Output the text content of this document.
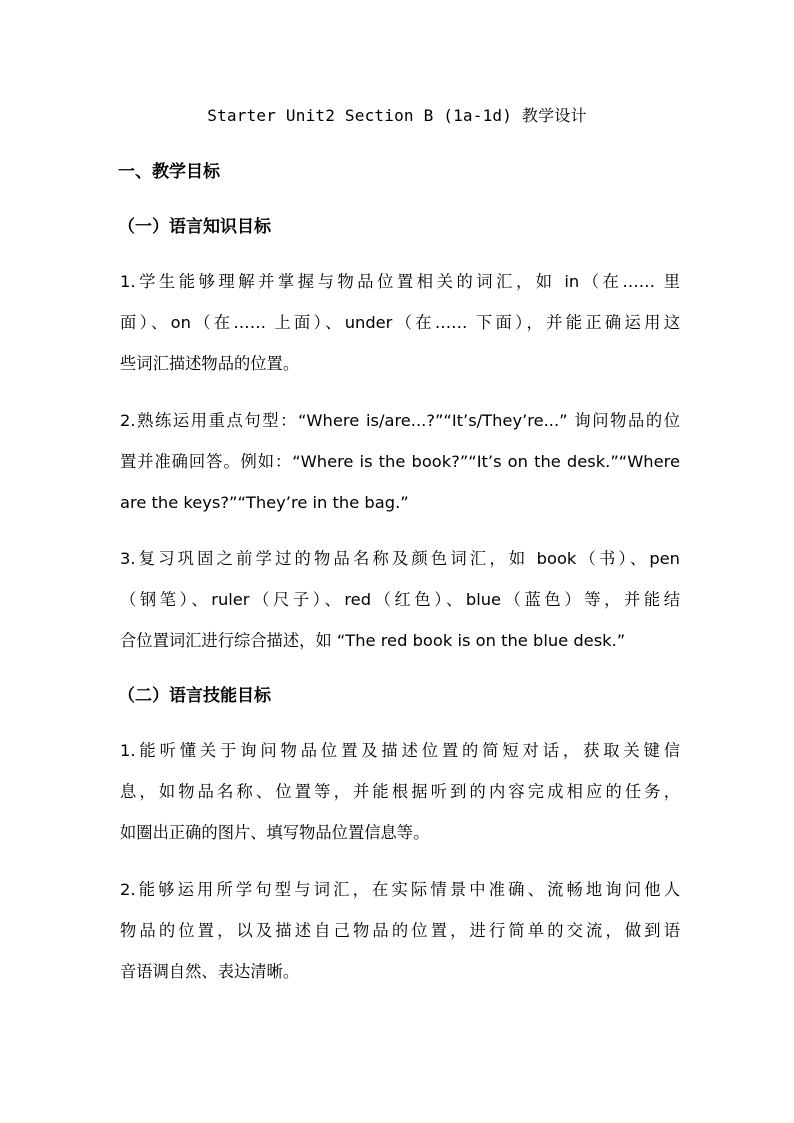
Starter Unit2 Section B (1a-1d) 教学设计
一、教学目标
（一）语言知识目标
1.学生能够理解并掌握与物品位置相关的词汇，如 in（在…… 里
面）、on（在…… 上面）、under（在…… 下面），并能正确运用这
些词汇描述物品的位置。
2.熟练运用重点句型：“Where is/are...?”“It’s/They’re...” 询问物品的位
置并准确回答。例如：“Where is the book?”“It’s on the desk.”“Where
are the keys?”“They’re in the bag.”
3.复习巩固之前学过的物品名称及颜色词汇，如 book（书）、pen
（钢笔）、ruler（尺子）、red（红色）、blue（蓝色）等，并能结
合位置词汇进行综合描述，如 “The red book is on the blue desk.”
（二）语言技能目标
1.能听懂关于询问物品位置及描述位置的简短对话，获取关键信
息，如物品名称、位置等，并能根据听到的内容完成相应的任务，
如圈出正确的图片、填写物品位置信息等。
2.能够运用所学句型与词汇，在实际情景中准确、流畅地询问他人
物品的位置，以及描述自己物品的位置，进行简单的交流，做到语
音语调自然、表达清晰。
